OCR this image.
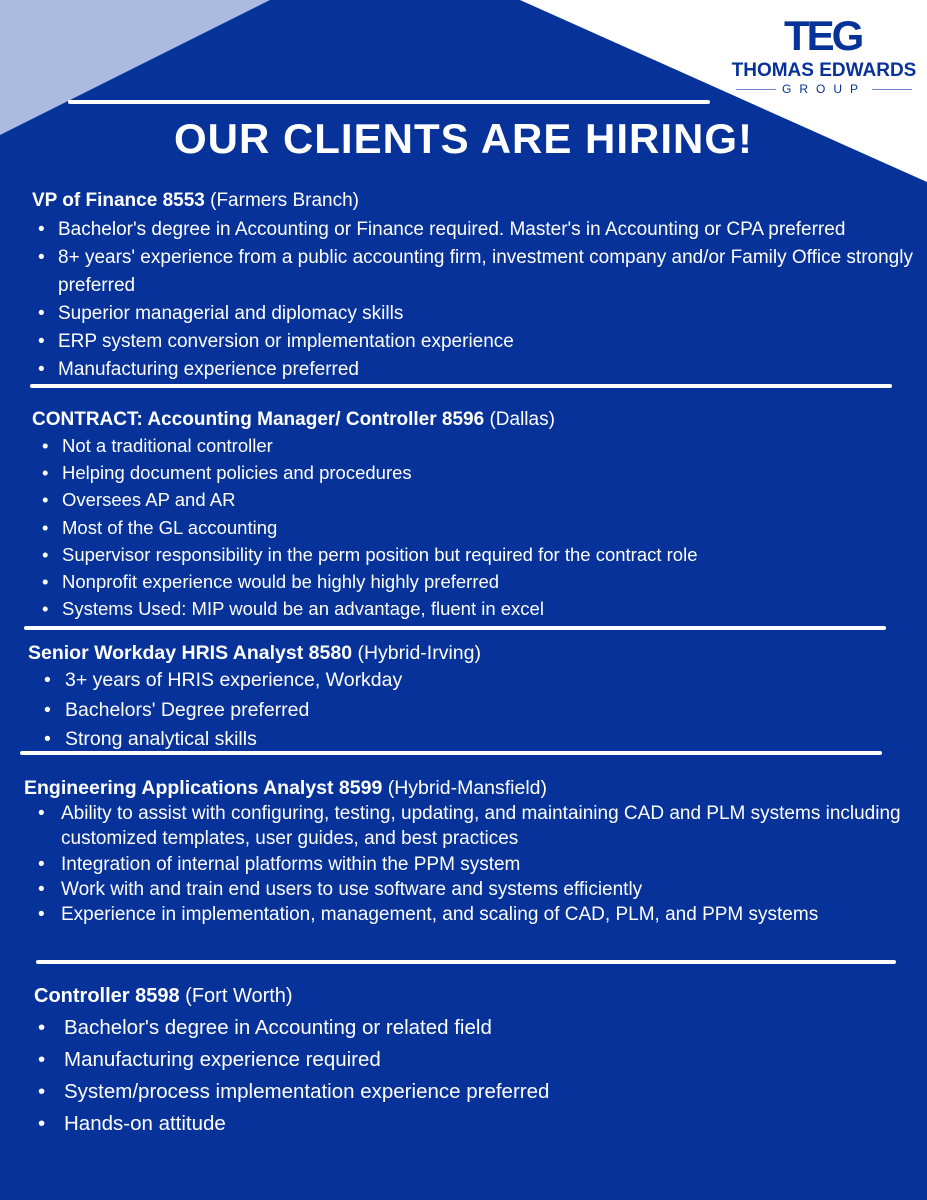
TEG
THOMAS EDWARDS
GROUP
OUR CLIENTS ARE HIRING!
VP of Finance 8553 (Farmers Branch)
• Bachelor's degree in Accounting or Finance required. Master's in Accounting or CPA preferred
• 8+ years' experience from a public accounting firm, investment company and/or Family Office strongly preferred
• Superior managerial and diplomacy skills
• ERP system conversion or implementation experience
• Manufacturing experience preferred
CONTRACT: Accounting Manager/ Controller 8596 (Dallas)
• Not a traditional controller
• Helping document policies and procedures
• Oversees AP and AR
• Most of the GL accounting
• Supervisor responsibility in the perm position but required for the contract role
• Nonprofit experience would be highly highly preferred
• Systems Used: MIP would be an advantage, fluent in excel
Senior Workday HRIS Analyst 8580 (Hybrid-Irving)
• 3+ years of HRIS experience, Workday
• Bachelors' Degree preferred
• Strong analytical skills
Engineering Applications Analyst 8599 (Hybrid-Mansfield)
• Ability to assist with configuring, testing, updating, and maintaining CAD and PLM systems including customized templates, user guides, and best practices
• Integration of internal platforms within the PPM system
• Work with and train end users to use software and systems efficiently
• Experience in implementation, management, and scaling of CAD, PLM, and PPM systems
Controller 8598 (Fort Worth)
• Bachelor's degree in Accounting or related field
• Manufacturing experience required
• System/process implementation experience preferred
• Hands-on attitude
